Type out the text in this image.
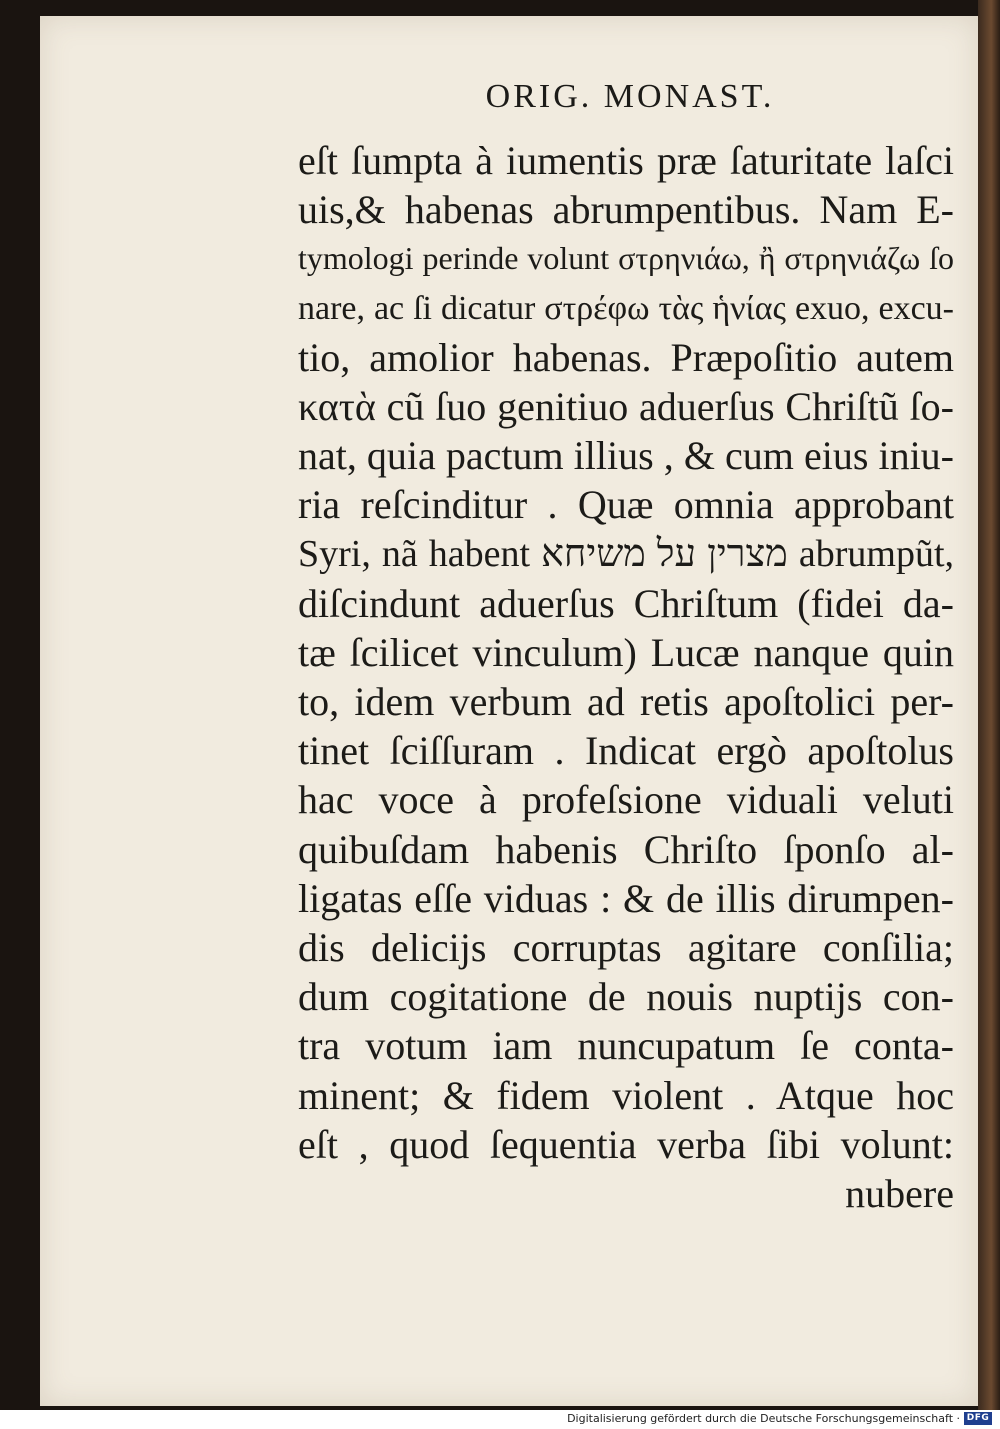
ORIG. MONAST.
eſt ſumpta à iumentis præ ſaturitate laſci
uis,& habenas abrumpentibus. Nam E-
tymologi perinde volunt στρηνιάω, ἢ στρηνιάζω ſo
nare, ac ſi dicatur στρέφω τὰς ἡνίας exuo, excu-
tio, amolior habenas. Præpoſitio autem
κατὰ cũ ſuo genitiuo aduerſus Chriſtũ ſo-
nat, quia pactum illius , & cum eius iniu-
ria reſcinditur . Quæ omnia approbant
Syri, nã habent מצרין על משיחא abrumpũt,
diſcindunt aduerſus Chriſtum (fidei da-
tæ ſcilicet vinculum) Lucæ nanque quin
to, idem verbum ad retis apoſtolici per-
tinet ſciſſuram . Indicat ergò apoſtolus
hac voce à profeſsione viduali veluti
quibuſdam habenis Chriſto ſponſo al-
ligatas eſſe viduas : & de illis dirumpen-
dis delicijs corruptas agitare conſilia;
dum cogitatione de nouis nuptijs con-
tra votum iam nuncupatum ſe conta-
minent; & fidem violent . Atque hoc
eſt , quod ſequentia verba ſibi volunt:
nubere
Digitalisierung gefördert durch die Deutsche Forschungsgemeinschaft · DFG
